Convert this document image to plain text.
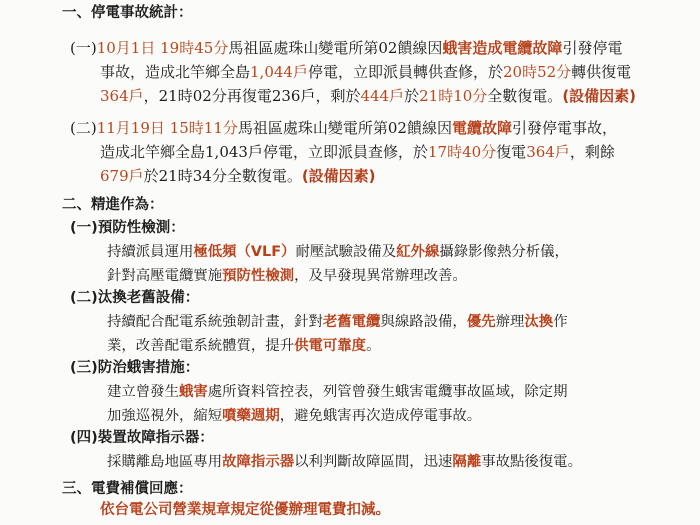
一、停電事故統計：
(一)10月1日 19時45分馬祖區處珠山變電所第02饋線因蛾害造成電纜故障引發停電
事故，造成北竿鄉全島1,044戶停電，立即派員轉供查修，於20時52分轉供復電
364戶，21時02分再復電236戶，剩於444戶於21時10分全數復電。(設備因素)
(二)11月19日 15時11分馬祖區處珠山變電所第02饋線因電纜故障引發停電事故，
造成北竿鄉全島1,043戶停電，立即派員查修，於17時40分復電364戶，剩餘
679戶於21時34分全數復電。(設備因素)
二、精進作為：
(一)預防性檢測：
持續派員運用極低頻（VLF）耐壓試驗設備及紅外線攝錄影像熱分析儀，
針對高壓電纜實施預防性檢測，及早發現異常辦理改善。
(二)汰換老舊設備：
持續配合配電系統強韌計畫，針對老舊電纜與線路設備，優先辦理汰換作
業，改善配電系統體質，提升供電可靠度。
(三)防治蛾害措施：
建立曾發生蛾害處所資料管控表，列管曾發生蛾害電纜事故區域，除定期
加強巡視外，縮短噴藥週期，避免蛾害再次造成停電事故。
(四)裝置故障指示器：
採購離島地區專用故障指示器以利判斷故障區間，迅速隔離事故點後復電。
三、電費補償回應：
依台電公司營業規章規定從優辦理電費扣減。
